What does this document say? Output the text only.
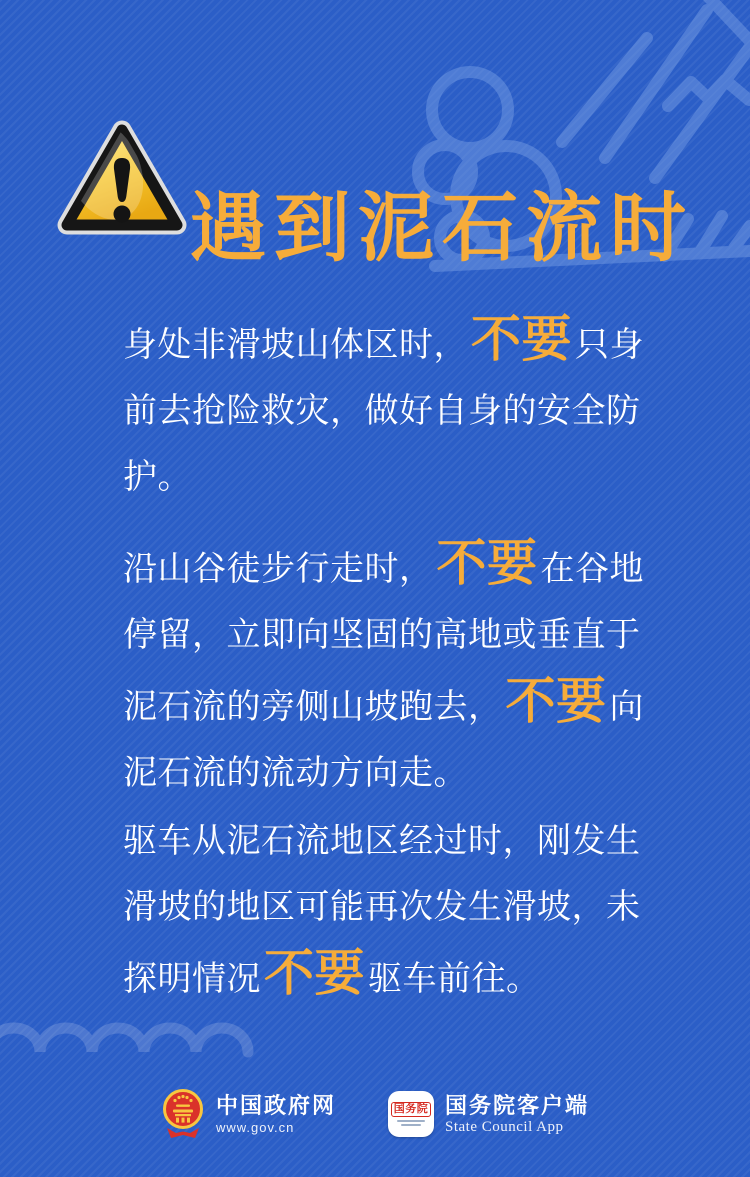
遇到泥石流时

身处非滑坡山体区时，不要只身前去抢险救灾，做好自身的安全防护。

沿山谷徒步行走时，不要在谷地停留，立即向坚固的高地或垂直于泥石流的旁侧山坡跑去，不要向泥石流的流动方向走。

驱车从泥石流地区经过时，刚发生滑坡的地区可能再次发生滑坡，未探明情况不要驱车前往。

中国政府网
www.gov.cn
国务院 国务院客户端
State Council App
